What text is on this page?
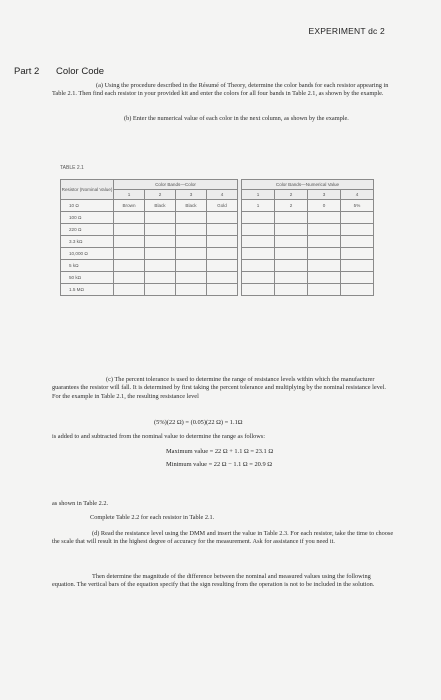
EXPERIMENT dc 2
Part 2 Color Code
(a) Using the procedure described in the Résumé of Theory, determine the color bands for each resistor appearing in Table 2.1. Then find each resistor in your provided kit and enter the colors for all four bands in Table 2.1, as shown by the example.
(b) Enter the numerical value of each color in the next column, as shown by the example.
TABLE 2.1
Resistor (Nominal Value)	Color Bands—Color					Color Bands—Numerical Value			
	1	2	3	4		1	2	3	4
10 Ω	Brown	Black	Black	Gold		1	2	0	5%
100 Ω									
220 Ω									
3.3 kΩ									
10,000 Ω									
5 kΩ									
50 kΩ									
1.5 MΩ									
(c) The percent tolerance is used to determine the range of resistance levels within which the manufacturer guarantees the resistor will fall. It is determined by first taking the percent tolerance and multiplying by the nominal resistance level. For the example in Table 2.1, the resulting resistance level
(5%)(22 Ω) = (0.05)(22 Ω) = 1.1Ω
is added to and subtracted from the nominal value to determine the range as follows:
Maximum value = 22 Ω + 1.1 Ω = 23.1 Ω
Minimum value = 22 Ω − 1.1 Ω = 20.9 Ω
as shown in Table 2.2.
Complete Table 2.2 for each resistor in Table 2.1.
(d) Read the resistance level using the DMM and insert the value in Table 2.3. For each resistor, take the time to choose the scale that will result in the highest degree of accuracy for the measurement. Ask for assistance if you need it.
Then determine the magnitude of the difference between the nominal and measured values using the following equation. The vertical bars of the equation specify that the sign resulting from the operation is not to be included in the solution.
